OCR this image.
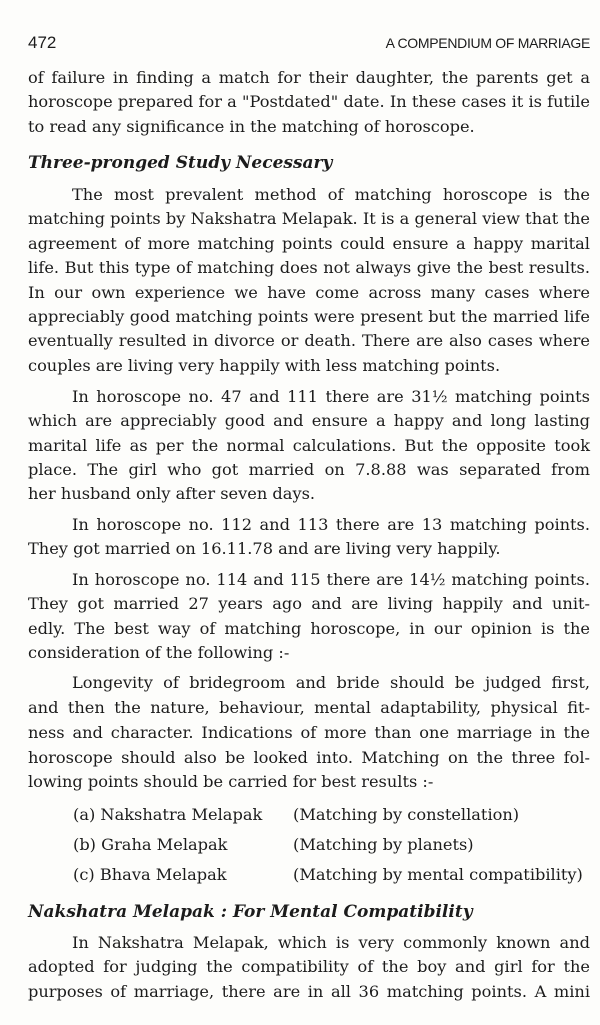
472	A COMPENDIUM OF MARRIAGE
of failure in finding a match for their daughter, the parents get a
horoscope prepared for a "Postdated" date. In these cases it is futile
to read any significance in the matching of horoscope.
Three-pronged Study Necessary
The most prevalent method of matching horoscope is the
matching points by Nakshatra Melapak. It is a general view that the
agreement of more matching points could ensure a happy marital
life. But this type of matching does not always give the best results.
In our own experience we have come across many cases where
appreciably good matching points were present but the married life
eventually resulted in divorce or death. There are also cases where
couples are living very happily with less matching points.
In horoscope no. 47 and 111 there are 31½ matching points
which are appreciably good and ensure a happy and long lasting
marital life as per the normal calculations. But the opposite took
place. The girl who got married on 7.8.88 was separated from
her husband only after seven days.
In horoscope no. 112 and 113 there are 13 matching points.
They got married on 16.11.78 and are living very happily.
In horoscope no. 114 and 115 there are 14½ matching points.
They got married 27 years ago and are living happily and unit-
edly. The best way of matching horoscope, in our opinion is the
consideration of the following :-
Longevity of bridegroom and bride should be judged first,
and then the nature, behaviour, mental adaptability, physical fit-
ness and character. Indications of more than one marriage in the
horoscope should also be looked into. Matching on the three fol-
lowing points should be carried for best results :-
Nakshatra Melapak : For Mental Compatibility
In Nakshatra Melapak, which is very commonly known and
adopted for judging the compatibility of the boy and girl for the
purposes of marriage, there are in all 36 matching points. A mini
(a) Nakshatra Melapak (Matching by constellation)
(b) Graha Melapak	(Matching by planets)
(c) Bhava Melapak	(Matching by mental compatibility)
